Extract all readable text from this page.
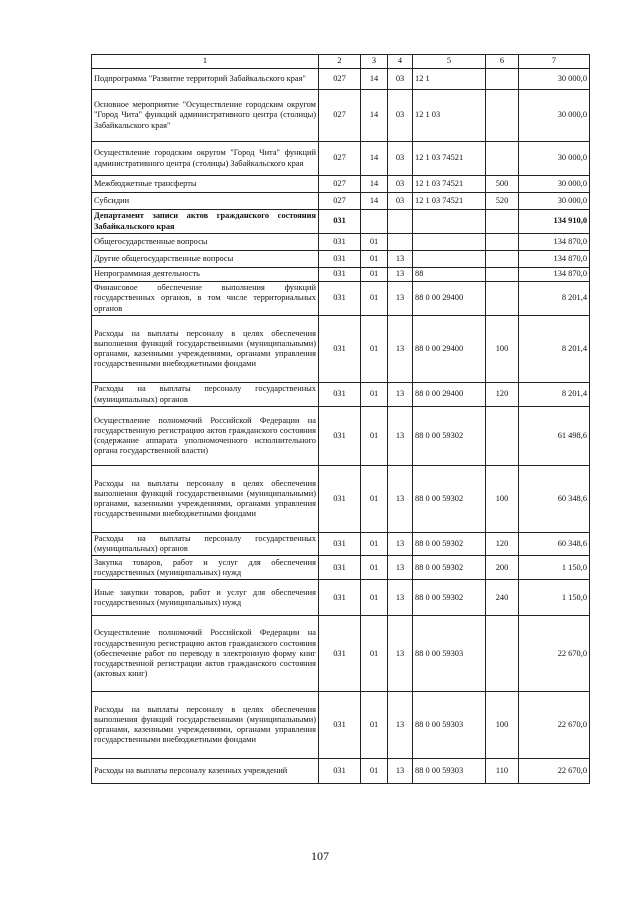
1	2	3	4	5	6	7
Подпрограмма "Развитие территорий Забайкальского края"	027	14	03	12 1		30 000,0
Основное мероприятие "Осуществление городским округом "Город Чита" функций административного центра (столицы) Забайкальского края"	027	14	03	12 1 03		30 000,0
Осуществление городским округом "Город Чита" функций административного центра (столицы) Забайкальского края	027	14	03	12 1 03 74521		30 000,0
Межбюджетные трансферты	027	14	03	12 1 03 74521	500	30 000,0
Субсидии	027	14	03	12 1 03 74521	520	30 000,0
Департамент записи актов гражданского состояния Забайкальского края	031					134 910,0
Общегосударственные вопросы	031	01				134 870,0
Другие общегосударственные вопросы	031	01	13			134 870,0
Непрограммная деятельность	031	01	13	88		134 870,0
Финансовое обеспечение выполнения функций государственных органов, в том числе территориальных органов	031	01	13	88 0 00 29400		8 201,4
Расходы на выплаты персоналу в целях обеспечения выполнения функций государственными (муниципальными) органами, казенными учреждениями, органами управления государственными внебюджетными фондами	031	01	13	88 0 00 29400	100	8 201,4
Расходы на выплаты персоналу государственных (муниципальных) органов	031	01	13	88 0 00 29400	120	8 201,4
Осуществление полномочий Российской Федерации на государственную регистрацию актов гражданского состояния (содержание аппарата уполномоченного исполнительного органа государственной власти)	031	01	13	88 0 00 59302		61 498,6
Расходы на выплаты персоналу в целях обеспечения выполнения функций государственными (муниципальными) органами, казенными учреждениями, органами управления государственными внебюджетными фондами	031	01	13	88 0 00 59302	100	60 348,6
Расходы на выплаты персоналу государственных (муниципальных) органов	031	01	13	88 0 00 59302	120	60 348,6
Закупка товаров, работ и услуг для обеспечения государственных (муниципальных) нужд	031	01	13	88 0 00 59302	200	1 150,0
Иные закупки товаров, работ и услуг для обеспечения государственных (муниципальных) нужд	031	01	13	88 0 00 59302	240	1 150,0
Осуществление полномочий Российской Федерации на государственную регистрацию актов гражданского состояния (обеспечение работ по переводу в электронную форму книг государственной регистрации актов гражданского состояния (актовых книг)	031	01	13	88 0 00 59303		22 670,0
Расходы на выплаты персоналу в целях обеспечения выполнения функций государственными (муниципальными) органами, казенными учреждениями, органами управления государственными внебюджетными фондами	031	01	13	88 0 00 59303	100	22 670,0
Расходы на выплаты персоналу казенных учреждений	031	01	13	88 0 00 59303	110	22 670,0
107
